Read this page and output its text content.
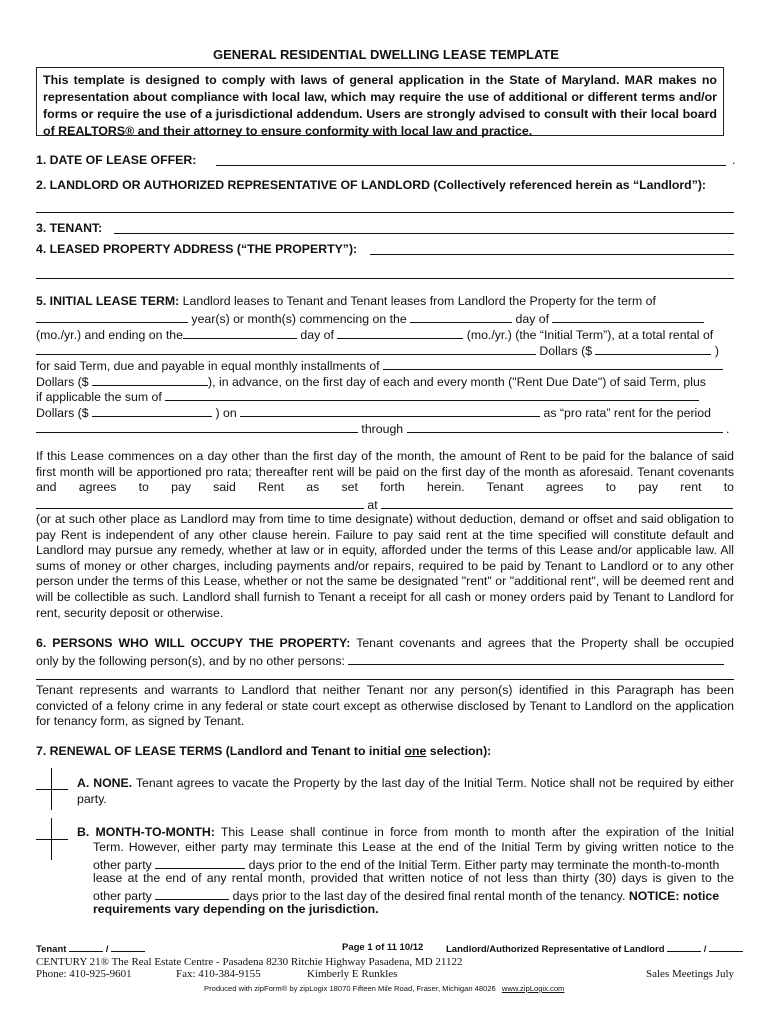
GENERAL RESIDENTIAL DWELLING LEASE TEMPLATE
This template is designed to comply with laws of general application in the State of Maryland. MAR makes no representation about compliance with local law, which may require the use of additional or different terms and/or forms or require the use of a jurisdictional addendum. Users are strongly advised to consult with their local board of REALTORS® and their attorney to ensure conformity with local law and practice.
1. DATE OF LEASE OFFER:	.
2. LANDLORD OR AUTHORIZED REPRESENTATIVE OF LANDLORD (Collectively referenced herein as “Landlord”):
3. TENANT:
4. LEASED PROPERTY ADDRESS (“THE PROPERTY”):
5. INITIAL LEASE TERM: Landlord leases to Tenant and Tenant leases from Landlord the Property for the term of
year(s) or month(s) commencing on the	day of
(mo./yr.) and ending on the	day of	(mo./yr.) (the “Initial Term”), at a total rental of
Dollars ($	)
for said Term, due and payable in equal monthly installments of
Dollars ($	), in advance, on the first day of each and every month ("Rent Due Date") of said Term, plus
if applicable the sum of
Dollars ($	) on	as “pro rata” rent for the period
through	.
If this Lease commences on a day other than the first day of the month, the amount of Rent to be paid for the balance of said first month will be apportioned pro rata; thereafter rent will be paid on the first day of the month as aforesaid. Tenant covenants and agrees to pay said Rent as set forth herein. Tenant agrees to pay rent to
at
(or at such other place as Landlord may from time to time designate) without deduction, demand or offset and said obligation to pay Rent is independent of any other clause herein. Failure to pay said rent at the time specified will constitute default and Landlord may pursue any remedy, whether at law or in equity, afforded under the terms of this Lease and/or applicable law. All sums of money or other charges, including payments and/or repairs, required to be paid by Tenant to Landlord or to any other person under the terms of this Lease, whether or not the same be designated "rent" or "additional rent", will be deemed rent and will be collectible as such. Landlord shall furnish to Tenant a receipt for all cash or money orders paid by Tenant to Landlord for rent, security deposit or otherwise.
6. PERSONS WHO WILL OCCUPY THE PROPERTY: Tenant covenants and agrees that the Property shall be occupied
only by the following person(s), and by no other persons:
Tenant represents and warrants to Landlord that neither Tenant nor any person(s) identified in this Paragraph has been convicted of a felony crime in any federal or state court except as otherwise disclosed by Tenant to Landlord on the application for tenancy form, as signed by Tenant.
7. RENEWAL OF LEASE TERMS (Landlord and Tenant to initial one selection):
A. NONE. Tenant agrees to vacate the Property by the last day of the Initial Term. Notice shall not be required by either party.
B. MONTH-TO-MONTH: This Lease shall continue in force from month to month after the expiration of the Initial
Term. However, either party may terminate this Lease at the end of the Initial Term by giving written notice to the
other party	days prior to the end of the Initial Term. Either party may terminate the month-to-month
lease at the end of any rental month, provided that written notice of not less than thirty (30) days is given to the
other party	days prior to the last day of the desired final rental month of the tenancy. NOTICE: notice
requirements vary depending on the jurisdiction.
Tenant	/	Page 1 of 11 10/12	Landlord/Authorized Representative of Landlord	/
CENTURY 21® The Real Estate Centre - Pasadena 8230 Ritchie Highway Pasadena, MD 21122
Phone: 410-925-9601	Fax: 410-384-9155	Kimberly E Runkles	Sales Meetings July
Produced with zipForm® by zipLogix 18070 Fifteen Mile Road, Fraser, Michigan 48026 www.zipLogix.com
